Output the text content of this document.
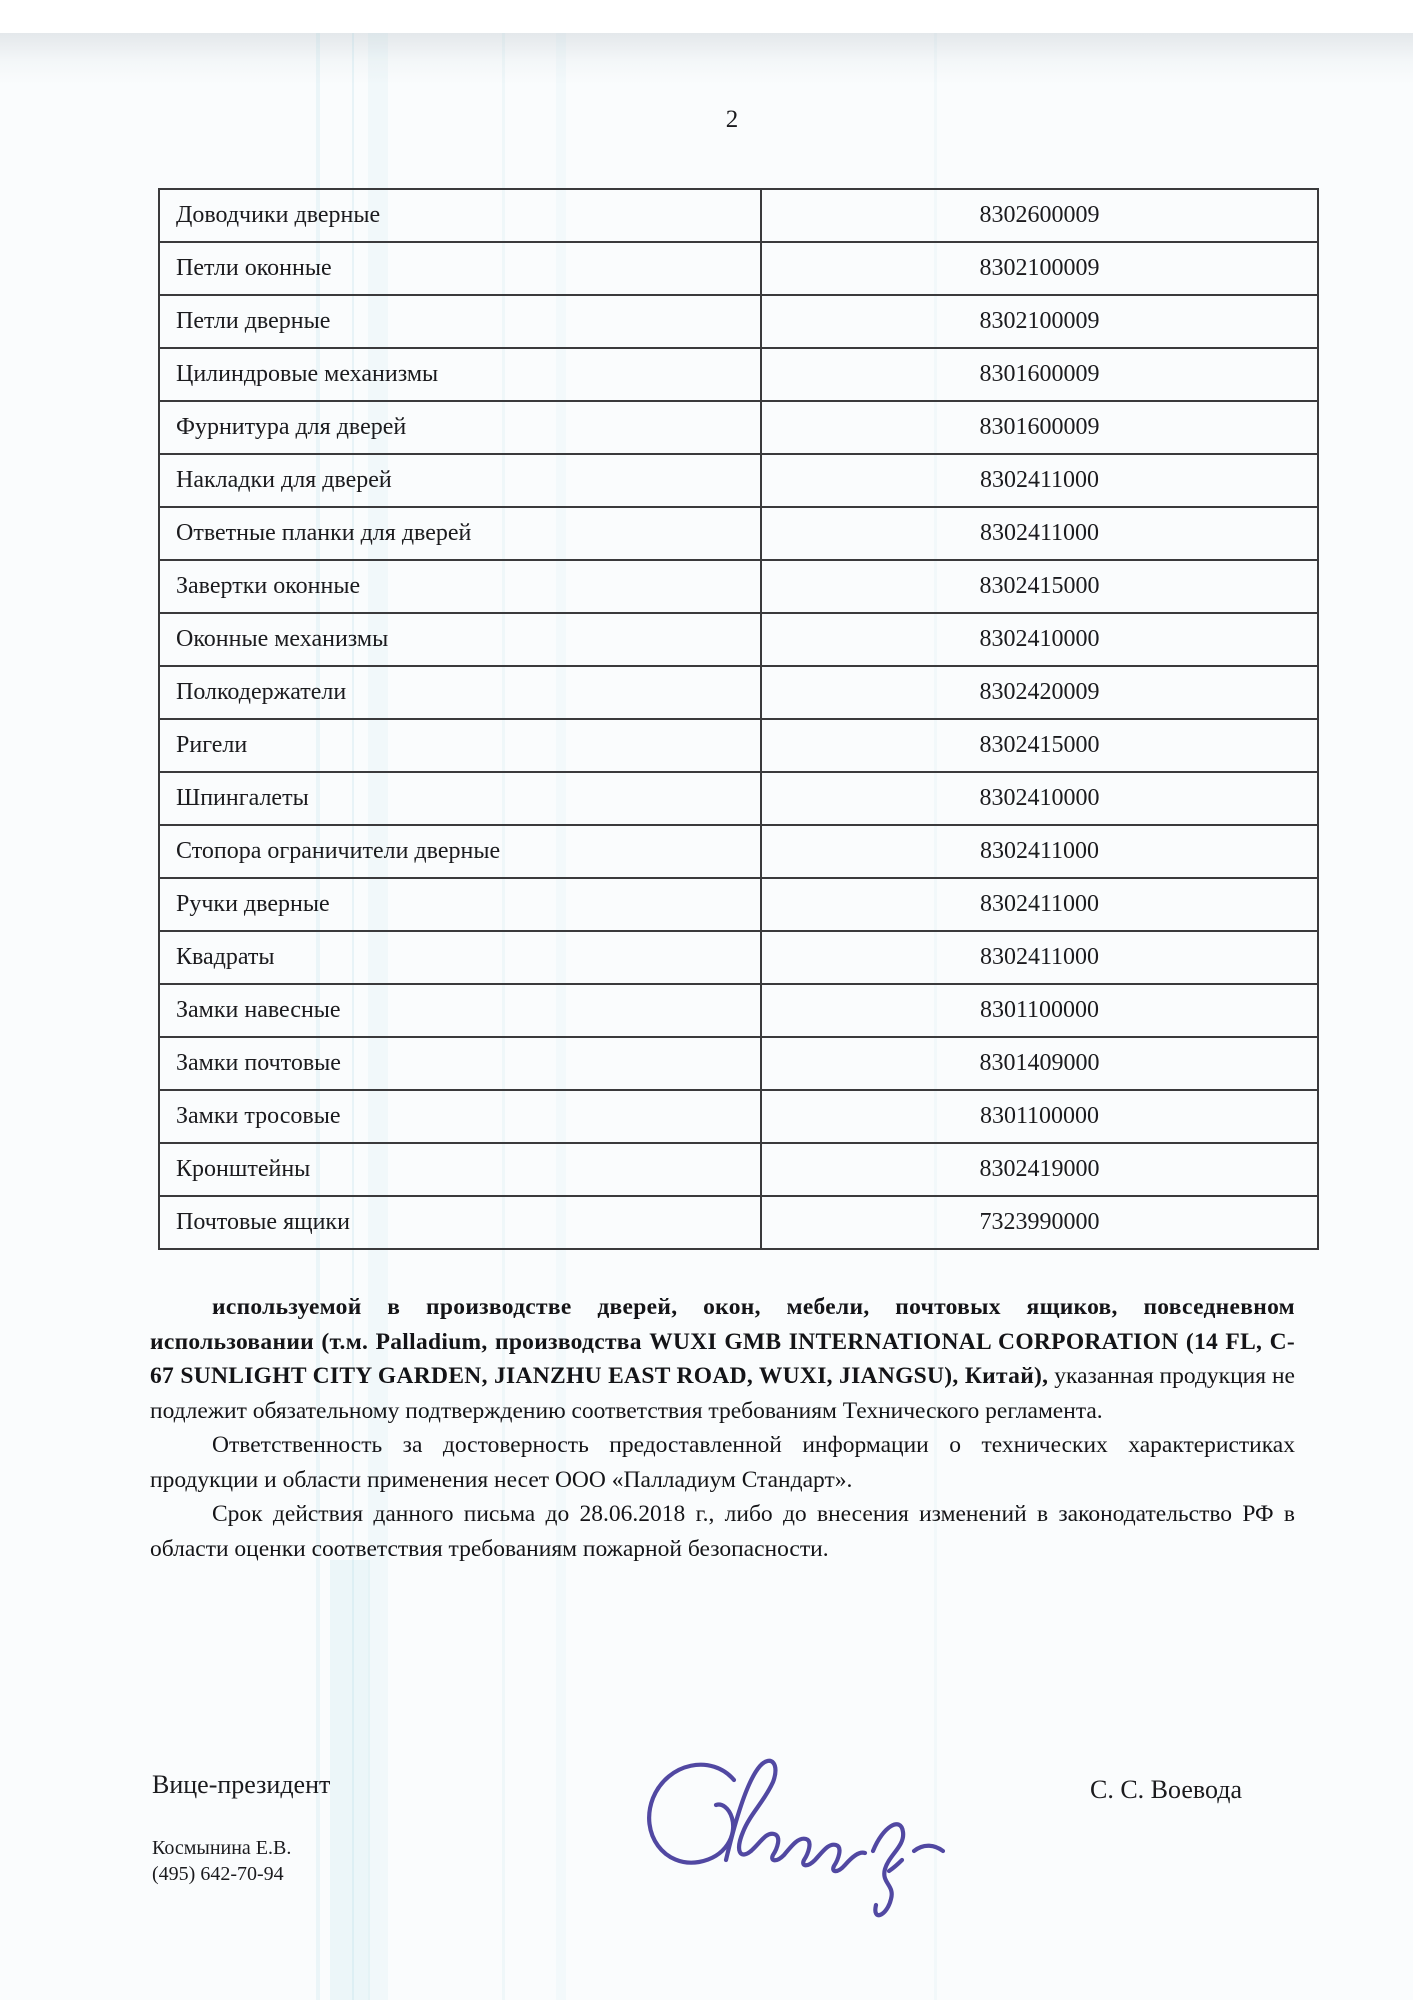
2
Доводчики дверные	8302600009
Петли оконные	8302100009
Петли дверные	8302100009
Цилиндровые механизмы	8301600009
Фурнитура для дверей	8301600009
Накладки для дверей	8302411000
Ответные планки для дверей	8302411000
Завертки оконные	8302415000
Оконные механизмы	8302410000
Полкодержатели	8302420009
Ригели	8302415000
Шпингалеты	8302410000
Стопора ограничители дверные	8302411000
Ручки дверные	8302411000
Квадраты	8302411000
Замки навесные	8301100000
Замки почтовые	8301409000
Замки тросовые	8301100000
Кронштейны	8302419000
Почтовые ящики	7323990000

используемой в производстве дверей, окон, мебели, почтовых ящиков, повседневном использовании (т.м. Palladium, производства WUXI GMB INTERNATIONAL CORPORATION (14 FL, C-67 SUNLIGHT CITY GARDEN, JIANZHU EAST ROAD, WUXI, JIANGSU), Китай), указанная продукция не подлежит обязательному подтверждению соответствия требованиям Технического регламента.

Ответственность за достоверность предоставленной информации о технических характеристиках продукции и области применения несет ООО «Палладиум Стандарт».

Срок действия данного письма до 28.06.2018 г., либо до внесения изменений в законодательство РФ в области оценки соответствия требованиям пожарной безопасности.

Вице-президент	С. С. Воевода
Космынина Е.В.
(495) 642-70-94
